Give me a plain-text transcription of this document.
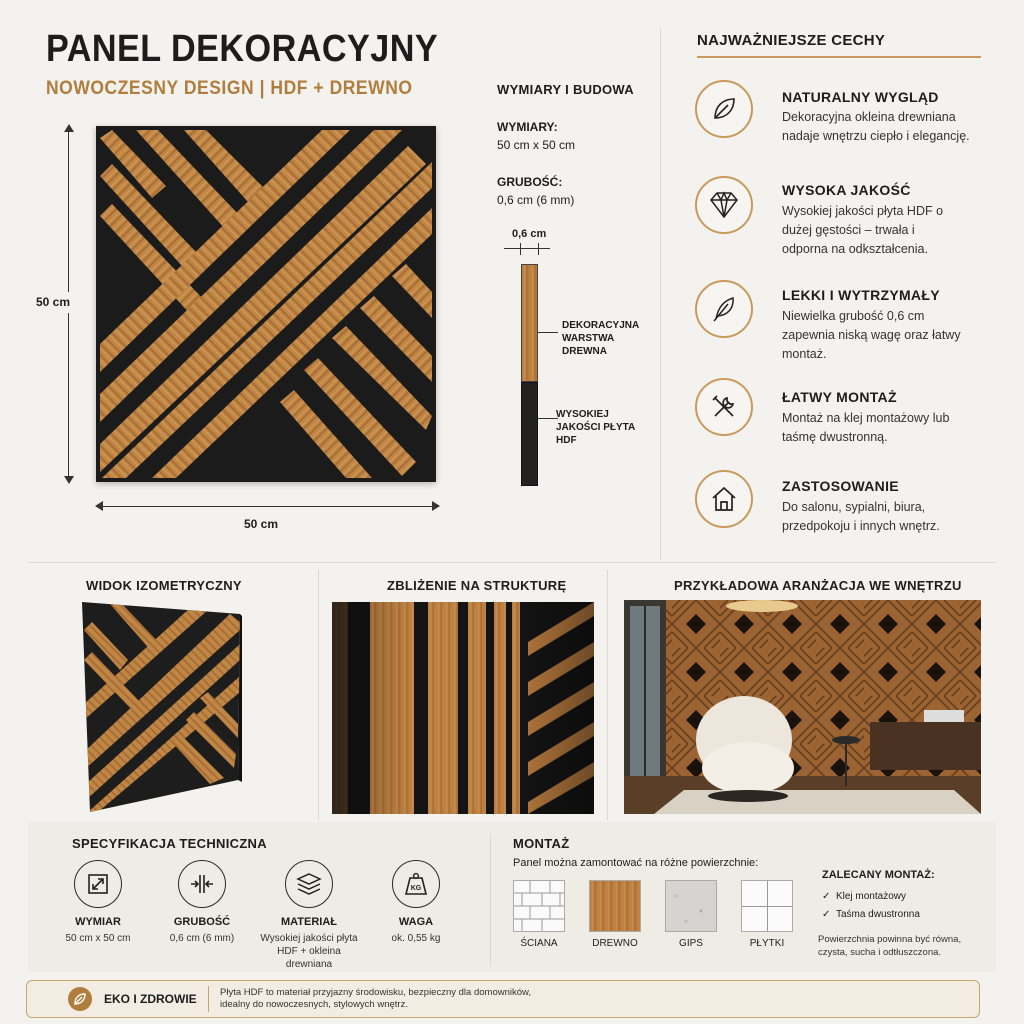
PANEL DEKORACYJNY
NOWOCZESNY DESIGN | HDF + DREWNO
50 cm
50 cm
WYMIARY I BUDOWA
WYMIARY:
50 cm x 50 cm
GRUBOŚĆ:
0,6 cm (6 mm)
0,6 cm
DEKORACYJNA WARSTWA DREWNA
WYSOKIEJ JAKOŚCI PŁYTA HDF
NAJWAŻNIEJSZE CECHY
NATURALNY WYGLĄD
Dekoracyjna okleina drewniana nadaje wnętrzu ciepło i elegancję.
WYSOKA JAKOŚĆ
Wysokiej jakości płyta HDF o dużej gęstości – trwała i odporna na odkształcenia.
LEKKI I WYTRZYMAŁY
Niewielka grubość 0,6 cm zapewnia niską wagę oraz łatwy montaż.
ŁATWY MONTAŻ
Montaż na klej montażowy lub taśmę dwustronną.
ZASTOSOWANIE
Do salonu, sypialni, biura, przedpokoju i innych wnętrz.
WIDOK IZOMETRYCZNY	ZBLIŻENIE NA STRUKTURĘ	PRZYKŁADOWA ARANŻACJA WE WNĘTRZU
SPECYFIKACJA TECHNICZNA
WYMIAR
50 cm x 50 cm
GRUBOŚĆ
0,6 cm (6 mm)
MATERIAŁ
Wysokiej jakości płyta HDF + okleina drewniana
KG
WAGA
ok. 0,55 kg
MONTAŻ
Panel można zamontować na różne powierzchnie:
ŚCIANA	DREWNO	GIPS	PŁYTKI
ZALECANY MONTAŻ:
✓ Klej montażowy
✓ Taśma dwustronna
Powierzchnia powinna być równa, czysta, sucha i odtłuszczona.
EKO I ZDROWIE Płyta HDF to materiał przyjazny środowisku, bezpieczny dla domowników, idealny do nowoczesnych, stylowych wnętrz.
